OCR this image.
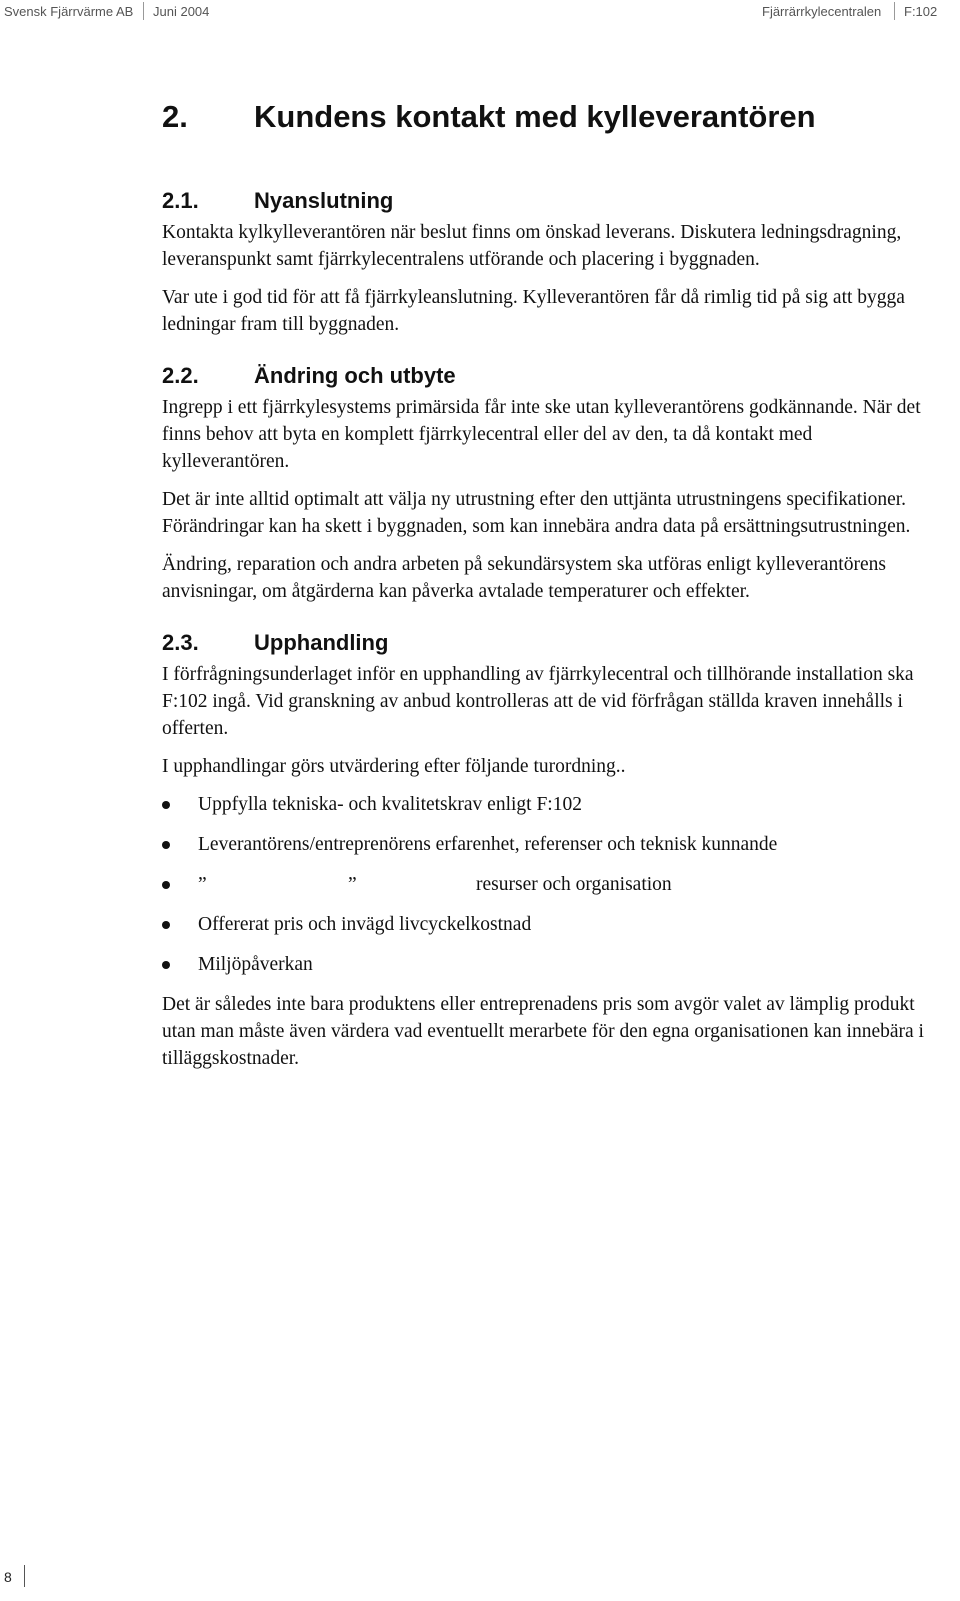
Svensk Fjärrvärme AB Juni 2004	Fjärrärrkylecentralen F:102
2.	Kundens kontakt med kylleverantören
2.1.	Nyanslutning

Kontakta kylkylleverantören när beslut finns om önskad leverans. Diskutera ledningsdragning, leveranspunkt samt fjärrkylecentralens utförande och placering i byggnaden.

Var ute i god tid för att få fjärrkyleanslutning. Kylleverantören får då rimlig tid på sig att bygga ledningar fram till byggnaden.

2.2.	Ändring och utbyte

Ingrepp i ett fjärrkylesystems primärsida får inte ske utan kylleverantörens godkännande. När det finns behov att byta en komplett fjärrkylecentral eller del av den, ta då kontakt med kylleverantören.

Det är inte alltid optimalt att välja ny utrustning efter den uttjänta utrustningens specifikationer. Förändringar kan ha skett i byggnaden, som kan innebära andra data på ersättningsutrustningen.

Ändring, reparation och andra arbeten på sekundärsystem ska utföras enligt kylleverantörens anvisningar, om åtgärderna kan påverka avtalade temperaturer och effekter.

2.3.	Upphandling

I förfrågningsunderlaget inför en upphandling av fjärrkylecentral och tillhörande installation ska F:102 ingå. Vid granskning av anbud kontrolleras att de vid förfrågan ställda kraven innehålls i offerten.

I upphandlingar görs utvärdering efter följande turordning..

Uppfylla tekniska- och kvalitetskrav enligt F:102
Leverantörens/entreprenörens erfarenhet, referenser och teknisk kunnande
”	”	resurser och organisation
Offererat pris och invägd livcyckelkostnad
Miljöpåverkan

Det är således inte bara produktens eller entreprenadens pris som avgör valet av lämplig produkt utan man måste även värdera vad eventuellt merarbete för den egna organisationen kan innebära i tilläggskostnader.

8
